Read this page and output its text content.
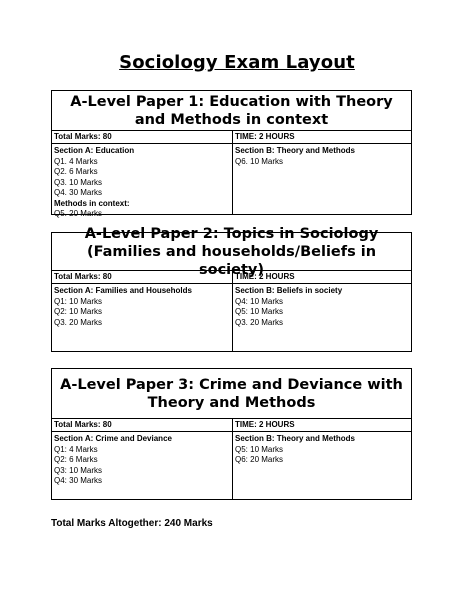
Sociology Exam Layout
A-Level Paper 1: Education with Theory and Methods in context
Total Marks: 80	TIME: 2 HOURS
Section A: Education
Q1. 4 Marks
Q2. 6 Marks
Q3. 10 Marks
Q4. 30 Marks
Methods in context:
Q5. 20 Marks
Section B: Theory and Methods
Q6. 10 Marks
A-Level Paper 2: Topics in Sociology (Families and households/Beliefs in society)
Total Marks: 80	TIME: 2 HOURS
Section A: Families and Households
Q1: 10 Marks
Q2: 10 Marks
Q3. 20 Marks
Section B: Beliefs in society
Q4: 10 Marks
Q5: 10 Marks
Q3. 20 Marks
A-Level Paper 3: Crime and Deviance with Theory and Methods
Total Marks: 80	TIME: 2 HOURS
Section A: Crime and Deviance
Q1: 4 Marks
Q2: 6 Marks
Q3: 10 Marks
Q4: 30 Marks
Section B: Theory and Methods
Q5: 10 Marks
Q6: 20 Marks
Total Marks Altogether: 240 Marks
